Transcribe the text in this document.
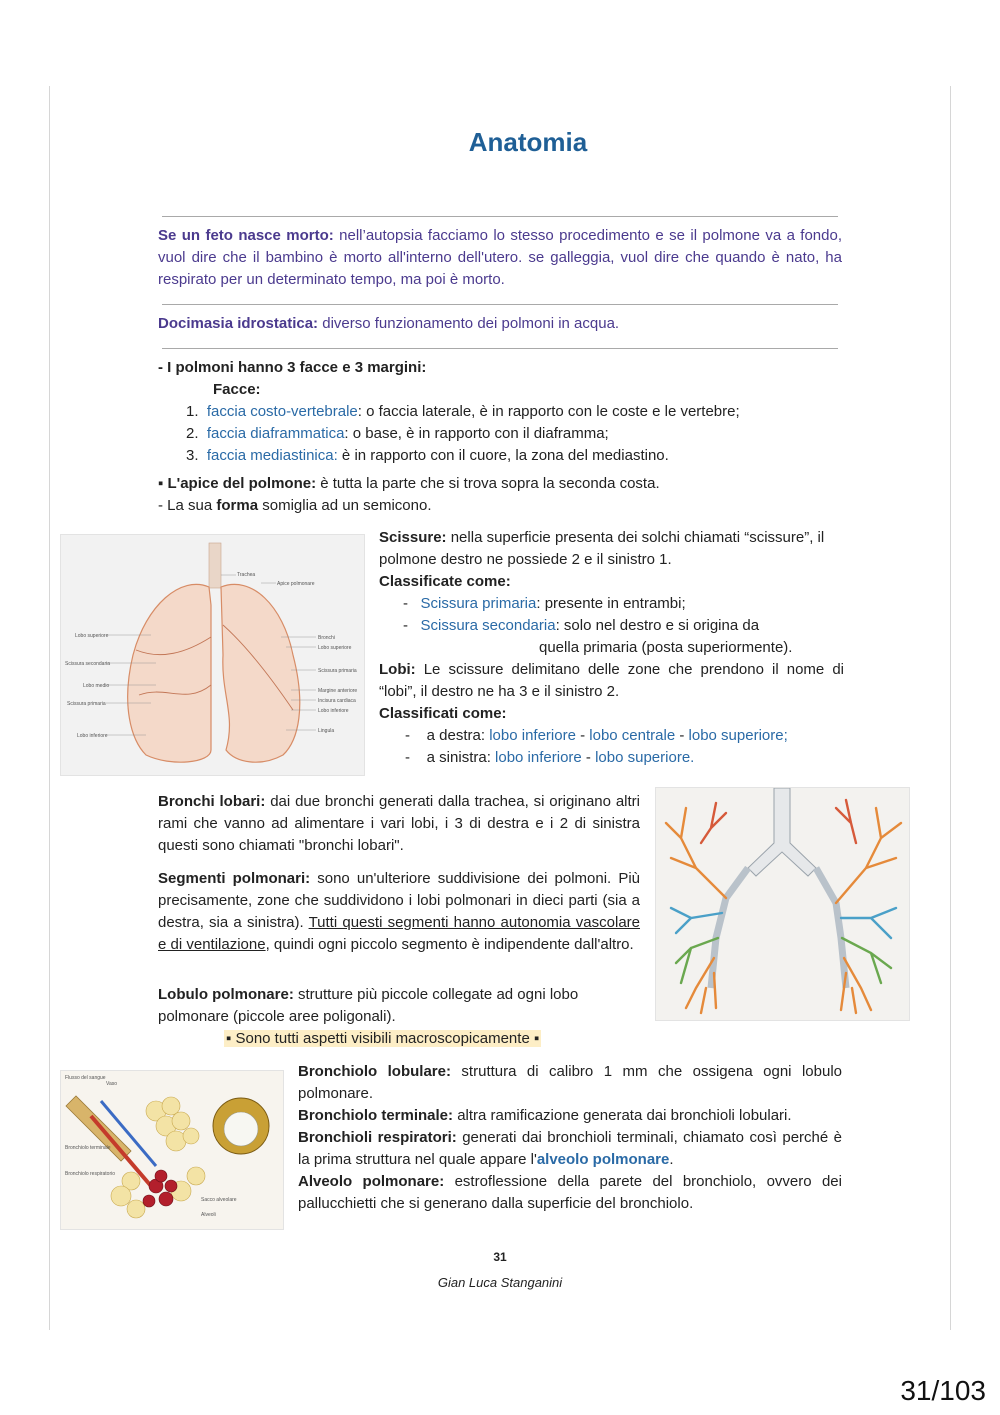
Anatomia
Se un feto nasce morto: nell’autopsia facciamo lo stesso procedimento e se il polmone va a fondo, vuol dire che il bambino è morto all'interno dell'utero. se galleggia, vuol dire che quando è nato, ha respirato per un determinato tempo, ma poi è morto.
Docimasia idrostatica: diverso funzionamento dei polmoni in acqua.
- I polmoni hanno 3 facce e 3 margini:
Facce:
1. faccia costo-vertebrale: o faccia laterale, è in rapporto con le coste e le vertebre;
2. faccia diaframmatica: o base, è in rapporto con il diaframma;
3. faccia mediastinica: è in rapporto con il cuore, la zona del mediastino.
▪ L'apice del polmone: è tutta la parte che si trova sopra la seconda costa.
- La sua forma somiglia ad un semicono.
Lobo superiore
Scissura secondaria
Lobo medio
Scissura primaria
Lobo inferiore
Trachea
Apice polmonare
Bronchi
Lobo superiore
Scissura primaria
Margine anteriore
Incisura cardiaca
Lobo inferiore
Lingula
Scissure: nella superficie presenta dei solchi chiamati “scissure”, il polmone destro ne possiede 2 e il sinistro 1.
Classificate come:
-   Scissura primaria: presente in entrambi;
-   Scissura secondaria: solo nel destro e si origina da
quella primaria (posta superiormente).
Lobi: Le scissure delimitano delle zone che prendono il nome di “lobi”, il destro ne ha 3 e il sinistro 2.
Classificati come:
-    a destra: lobo inferiore - lobo centrale - lobo superiore;
-    a sinistra: lobo inferiore - lobo superiore.
Bronchi lobari: dai due bronchi generati dalla trachea, si originano altri rami che vanno ad alimentare i vari lobi, i 3 di destra e i 2 di sinistra questi sono chiamati "bronchi lobari".
Segmenti polmonari: sono un'ulteriore suddivisione dei polmoni. Più precisamente, zone che suddividono i lobi polmonari in dieci parti (sia a destra, sia a sinistra). Tutti questi segmenti hanno autonomia vascolare e di ventilazione, quindi ogni piccolo segmento è indipendente dall'altro.
Lobulo polmonare: strutture più piccole collegate ad ogni lobo polmonare (piccole aree poligonali).
▪ Sono tutti aspetti visibili macroscopicamente ▪
Flusso del sangue
Vaso
Bronchiolo terminale
Bronchiolo respiratorio
Sacco alveolare
Alveoli
Bronchiolo lobulare: struttura di calibro 1 mm che ossigena ogni lobulo polmonare.
Bronchiolo terminale: altra ramificazione generata dai bronchioli lobulari.
Bronchioli respiratori: generati dai bronchioli terminali, chiamato così perché è la prima struttura nel quale appare l'alveolo polmonare.
Alveolo polmonare: estroflessione della parete del bronchiolo, ovvero dei pallucchietti che si generano dalla superficie del bronchiolo.
31
Gian Luca Stanganini
31/103
